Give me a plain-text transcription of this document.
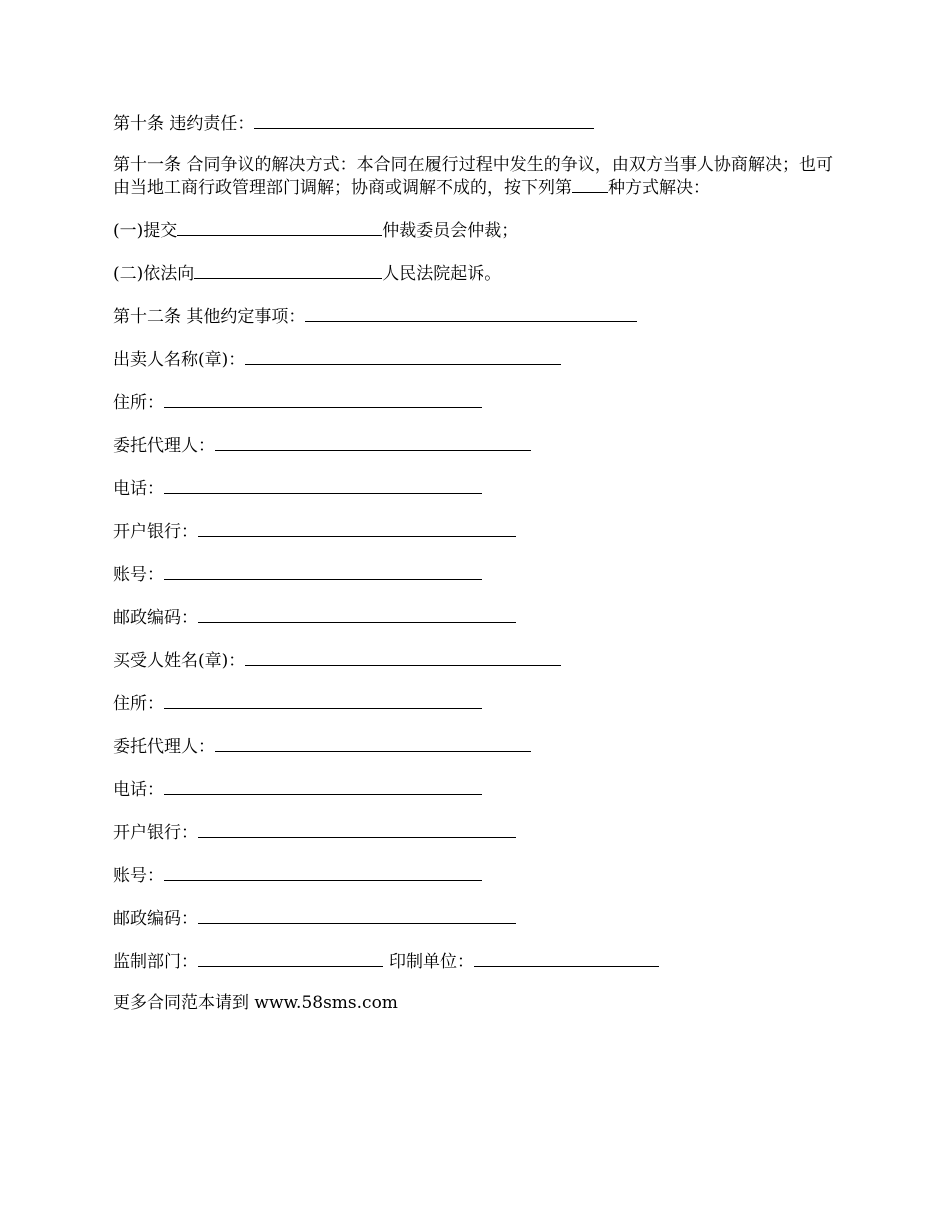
第十条 违约责任：
第十一条 合同争议的解决方式：本合同在履行过程中发生的争议，由双方当事人协商解决；也可由当地工商行政管理部门调解；协商或调解不成的，按下列第 种方式解决：
(一)提交	仲裁委员会仲裁；
(二)依法向	人民法院起诉。
第十二条 其他约定事项：
出卖人名称(章)：
住所：
委托代理人：
电话：
开户银行：
账号：
邮政编码：
买受人姓名(章)：
住所：
委托代理人：
电话：
开户银行：
账号：
邮政编码：
监制部门：	印制单位：
更多合同范本请到 www.58sms.com
